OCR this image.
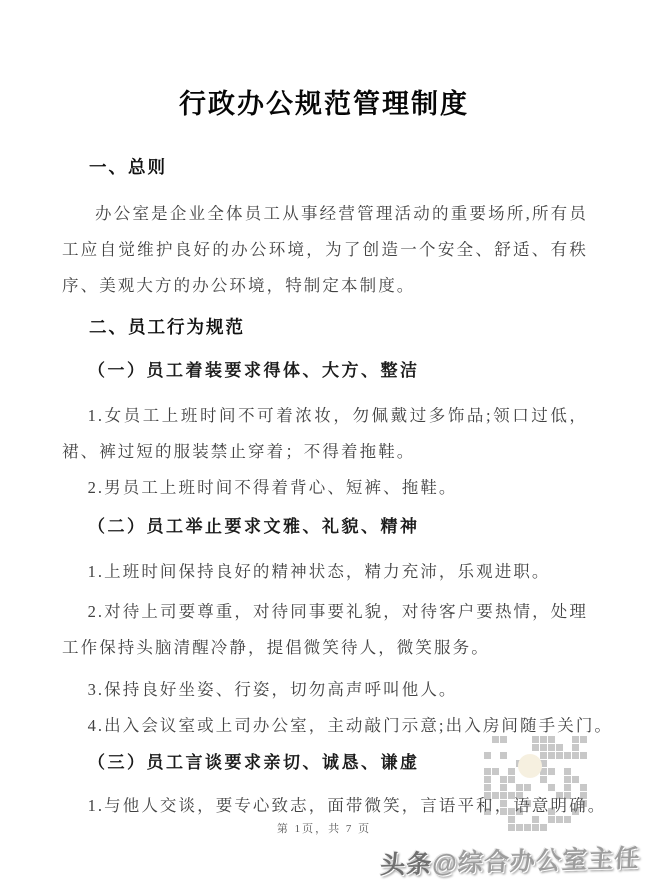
行政办公规范管理制度
一、总则
办公室是企业全体员工从事经营管理活动的重要场所,所有员工应自觉维护良好的办公环境，为了创造一个安全、舒适、有秩序、美观大方的办公环境，特制定本制度。
二、员工行为规范
（一）员工着装要求得体、大方、整洁
1.女员工上班时间不可着浓妆，勿佩戴过多饰品;领口过低，裙、裤过短的服装禁止穿着；不得着拖鞋。
2.男员工上班时间不得着背心、短裤、拖鞋。
（二）员工举止要求文雅、礼貌、精神
1.上班时间保持良好的精神状态，精力充沛，乐观进职。
2.对待上司要尊重，对待同事要礼貌，对待客户要热情，处理工作保持头脑清醒冷静，提倡微笑待人，微笑服务。
3.保持良好坐姿、行姿，切勿高声呼叫他人。
4.出入会议室或上司办公室，主动敲门示意;出入房间随手关门。
（三）员工言谈要求亲切、诚恳、谦虚
1.与他人交谈，要专心致志，面带微笑，言语平和，语意明确。
第 1页，共 7 页
头条@综合办公室主任
